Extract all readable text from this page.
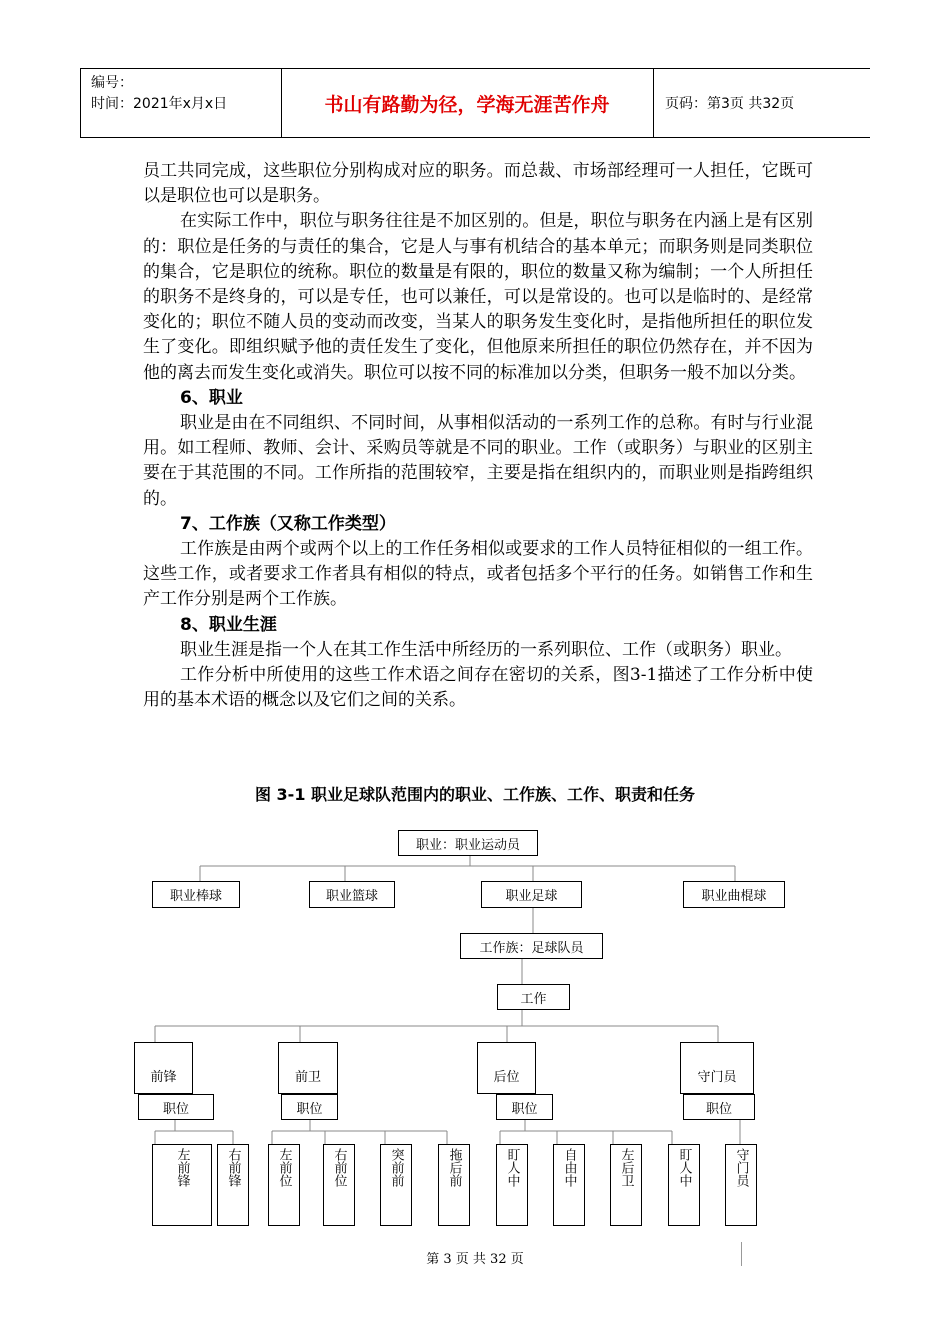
编号：
时间：2021年x月x日	书山有路勤为径，学海无涯苦作舟	页码：第3页 共32页

员工共同完成，这些职位分别构成对应的职务。而总裁、市场部经理可一人担任，它既可以是职位也可以是职务。

在实际工作中，职位与职务往往是不加区别的。但是，职位与职务在内涵上是有区别的：职位是任务的与责任的集合，它是人与事有机结合的基本单元；而职务则是同类职位的集合，它是职位的统称。职位的数量是有限的，职位的数量又称为编制；一个人所担任的职务不是终身的，可以是专任，也可以兼任，可以是常设的。也可以是临时的、是经常变化的；职位不随人员的变动而改变，当某人的职务发生变化时，是指他所担任的职位发生了变化。即组织赋予他的责任发生了变化，但他原来所担任的职位仍然存在，并不因为他的离去而发生变化或消失。职位可以按不同的标准加以分类，但职务一般不加以分类。

6、职业

职业是由在不同组织、不同时间，从事相似活动的一系列工作的总称。有时与行业混用。如工程师、教师、会计、采购员等就是不同的职业。工作（或职务）与职业的区别主要在于其范围的不同。工作所指的范围较窄，主要是指在组织内的，而职业则是指跨组织的。

7、工作族（又称工作类型）

工作族是由两个或两个以上的工作任务相似或要求的工作人员特征相似的一组工作。这些工作，或者要求工作者具有相似的特点，或者包括多个平行的任务。如销售工作和生产工作分别是两个工作族。

8、职业生涯

职业生涯是指一个人在其工作生活中所经历的一系列职位、工作（或职务）职业。

工作分析中所使用的这些工作术语之间存在密切的关系，图3-1描述了工作分析中使用的基本术语的概念以及它们之间的关系。

图 3-1 职业足球队范围内的职业、工作族、工作、职责和任务
职业：职业运动员
职业棒球	职业篮球	职业足球	职业曲棍球
工作族：足球队员
工作
前锋	前卫	后位	守门员
职位	职位	职位	职位
左前锋	右前锋	左前位	右前位	突前前	拖后前	盯人中	自由中	左后卫	盯人中	守门员
第 3 页 共 32 页
